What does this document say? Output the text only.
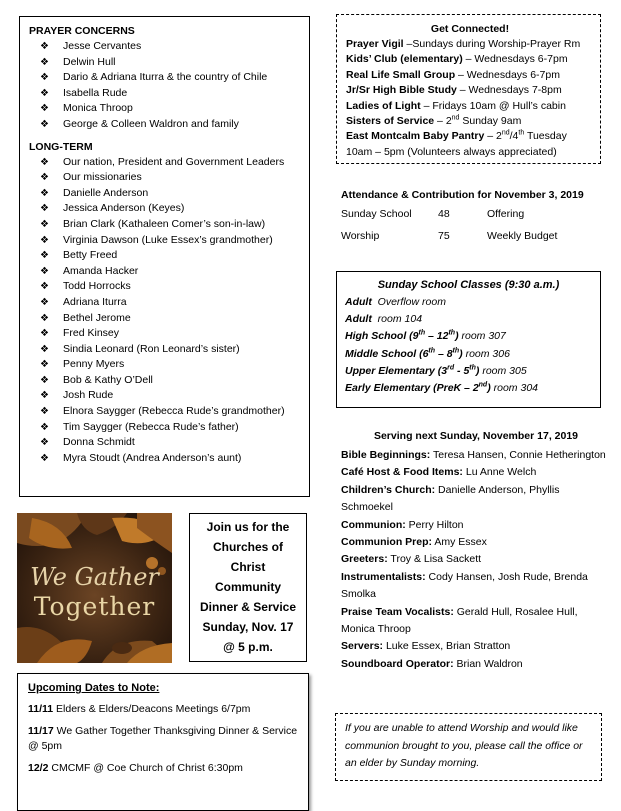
PRAYER CONCERNS
❖ Jesse Cervantes
❖ Delwin Hull
❖ Dario & Adriana Iturra & the country of Chile
❖ Isabella Rude
❖ Monica Throop
❖ George & Colleen Waldron and family
LONG-TERM
❖ Our nation, President and Government Leaders
❖ Our missionaries
❖ Danielle Anderson
❖ Jessica Anderson (Keyes)
❖ Brian Clark (Kathaleen Comer’s son-in-law)
❖ Virginia Dawson (Luke Essex’s grandmother)
❖ Betty Freed
❖ Amanda Hacker
❖ Todd Horrocks
❖ Adriana Iturra
❖ Bethel Jerome
❖ Fred Kinsey
❖ Sindia Leonard (Ron Leonard’s sister)
❖ Penny Myers
❖ Bob & Kathy O’Dell
❖ Josh Rude
❖ Elnora Saygger (Rebecca Rude’s grandmother)
❖ Tim Saygger (Rebecca Rude’s father)
❖ Donna Schmidt
❖ Myra Stoudt (Andrea Anderson’s aunt)
We Gather
Together
Join us for the
Churches of
Christ
Community
Dinner & Service
Sunday, Nov. 17
@ 5 p.m.
Upcoming Dates to Note:
11/11 Elders & Elders/Deacons Meetings 6/7pm
11/17 We Gather Together Thanksgiving Dinner & Service @ 5pm
12/2 CMCMF @ Coe Church of Christ 6:30pm
Get Connected!
Prayer Vigil –Sundays during Worship-Prayer Rm
Kids’ Club (elementary) – Wednesdays 6-7pm
Real Life Small Group – Wednesdays 6-7pm
Jr/Sr High Bible Study – Wednesdays 7-8pm
Ladies of Light – Fridays 10am @ Hull’s cabin
Sisters of Service – 2nd Sunday 9am
East Montcalm Baby Pantry – 2nd/4th Tuesday 10am – 5pm (Volunteers always appreciated)
Attendance & Contribution for November 3, 2019
Sunday School	48	Offering
Worship	75	Weekly Budget
Sunday School Classes (9:30 a.m.)
Adult Overflow room
Adult room 104
High School (9th – 12th) room 307
Middle School (6th – 8th) room 306
Upper Elementary (3rd - 5th) room 305
Early Elementary (PreK – 2nd) room 304
Serving next Sunday, November 17, 2019
Bible Beginnings: Teresa Hansen, Connie Hetherington
Café Host & Food Items: Lu Anne Welch
Children’s Church: Danielle Anderson, Phyllis Schmoekel
Communion: Perry Hilton
Communion Prep: Amy Essex
Greeters: Troy & Lisa Sackett
Instrumentalists: Cody Hansen, Josh Rude, Brenda Smolka
Praise Team Vocalists: Gerald Hull, Rosalee Hull, Monica Throop
Servers: Luke Essex, Brian Stratton
Soundboard Operator: Brian Waldron
If you are unable to attend Worship and would like communion brought to you, please call the office or an elder by Sunday morning.
